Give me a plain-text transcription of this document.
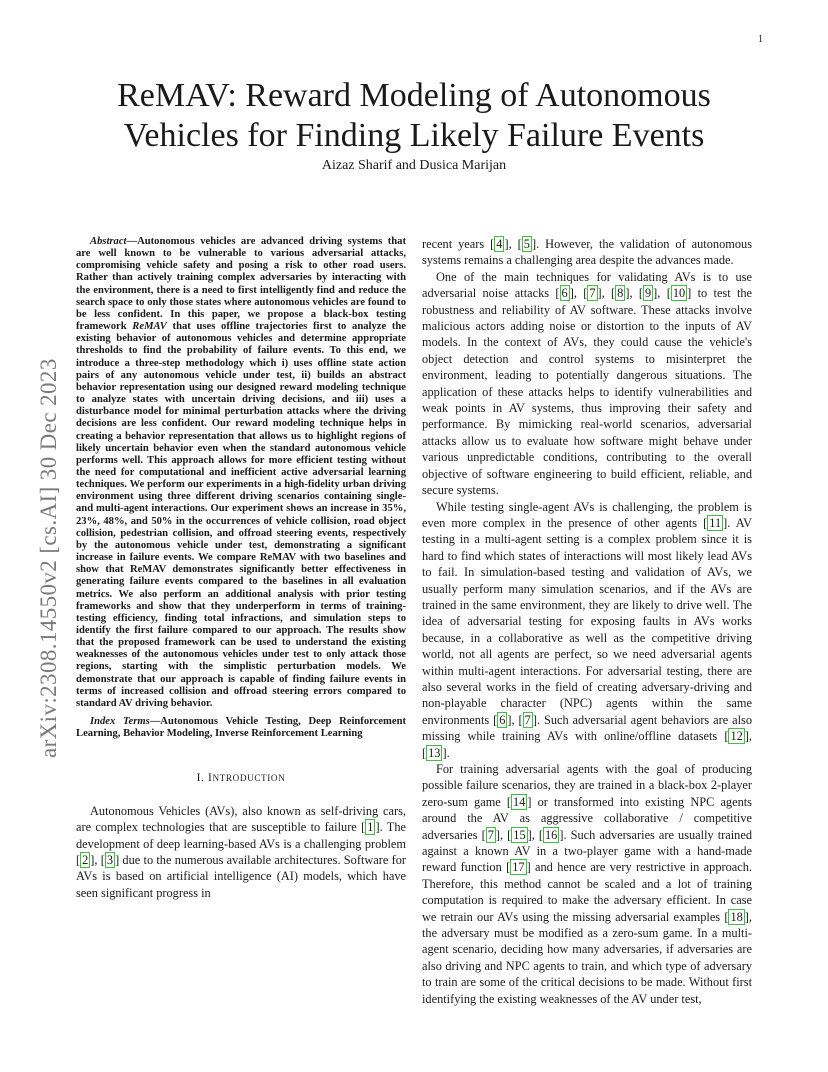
1
arXiv:2308.14550v2 [cs.AI] 30 Dec 2023
ReMAV: Reward Modeling of Autonomous Vehicles for Finding Likely Failure Events
Aizaz Sharif and Dusica Marijan

Abstract—Autonomous vehicles are advanced driving systems that are well known to be vulnerable to various adversarial attacks, compromising vehicle safety and posing a risk to other road users. Rather than actively training complex adversaries by interacting with the environment, there is a need to first intelligently find and reduce the search space to only those states where autonomous vehicles are found to be less confident. In this paper, we propose a black-box testing framework ReMAV that uses offline trajectories first to analyze the existing behavior of autonomous vehicles and determine appropriate thresholds to find the probability of failure events. To this end, we introduce a three-step methodology which i) uses offline state action pairs of any autonomous vehicle under test, ii) builds an abstract behavior representation using our designed reward modeling technique to analyze states with uncertain driving decisions, and iii) uses a disturbance model for minimal perturbation attacks where the driving decisions are less confident. Our reward modeling technique helps in creating a behavior representation that allows us to highlight regions of likely uncertain behavior even when the standard autonomous vehicle performs well. This approach allows for more efficient testing without the need for computational and inefficient active adversarial learning techniques. We perform our experiments in a high-fidelity urban driving environment using three different driving scenarios containing single- and multi-agent interactions. Our experiment shows an increase in 35%, 23%, 48%, and 50% in the occurrences of vehicle collision, road object collision, pedestrian collision, and offroad steering events, respectively by the autonomous vehicle under test, demonstrating a significant increase in failure events. We compare ReMAV with two baselines and show that ReMAV demonstrates significantly better effectiveness in generating failure events compared to the baselines in all evaluation metrics. We also perform an additional analysis with prior testing frameworks and show that they underperform in terms of training-testing efficiency, finding total infractions, and simulation steps to identify the first failure compared to our approach. The results show that the proposed framework can be used to understand the existing weaknesses of the autonomous vehicles under test to only attack those regions, starting with the simplistic perturbation models. We demonstrate that our approach is capable of finding failure events in terms of increased collision and offroad steering errors compared to standard AV driving behavior.

Index Terms—Autonomous Vehicle Testing, Deep Reinforcement Learning, Behavior Modeling, Inverse Reinforcement Learning

I. INTRODUCTION

Autonomous Vehicles (AVs), also known as self-driving cars, are complex technologies that are susceptible to failure [ 1 ]. The development of deep learning-based AVs is a challenging problem [ 2 ], [ 3 ] due to the numerous available architectures. Software for AVs is based on artificial intelligence (AI) models, which have seen significant progress in

recent years [ 4 ], [ 5 ]. However, the validation of autonomous systems remains a challenging area despite the advances made.

One of the main techniques for validating AVs is to use adversarial noise attacks [ 6 ], [ 7 ], [ 8 ], [ 9 ], [ 10 ] to test the robustness and reliability of AV software. These attacks involve malicious actors adding noise or distortion to the inputs of AV models. In the context of AVs, they could cause the vehicle's object detection and control systems to misinterpret the environment, leading to potentially dangerous situations. The application of these attacks helps to identify vulnerabilities and weak points in AV systems, thus improving their safety and performance. By mimicking real-world scenarios, adversarial attacks allow us to evaluate how software might behave under various unpredictable conditions, contributing to the overall objective of software engineering to build efficient, reliable, and secure systems.

While testing single-agent AVs is challenging, the problem is even more complex in the presence of other agents [ 11 ]. AV testing in a multi-agent setting is a complex problem since it is hard to find which states of interactions will most likely lead AVs to fail. In simulation-based testing and validation of AVs, we usually perform many simulation scenarios, and if the AVs are trained in the same environment, they are likely to drive well. The idea of adversarial testing for exposing faults in AVs works because, in a collaborative as well as the competitive driving world, not all agents are perfect, so we need adversarial agents within multi-agent interactions. For adversarial testing, there are also several works in the field of creating adversary-driving and non-playable character (NPC) agents within the same environments [ 6 ], [ 7 ]. Such adversarial agent behaviors are also missing while training AVs with online/offline datasets [ 12 ], [ 13 ].

For training adversarial agents with the goal of producing possible failure scenarios, they are trained in a black-box 2-player zero-sum game [ 14 ] or transformed into existing NPC agents around the AV as aggressive collaborative / competitive adversaries [ 7 ], [ 15 ], [ 16 ]. Such adversaries are usually trained against a known AV in a two-player game with a hand-made reward function [ 17 ] and hence are very restrictive in approach. Therefore, this method cannot be scaled and a lot of training computation is required to make the adversary efficient. In case we retrain our AVs using the missing adversarial examples [ 18 ], the adversary must be modified as a zero-sum game. In a multi-agent scenario, deciding how many adversaries, if adversaries are also driving and NPC agents to train, and which type of adversary to train are some of the critical decisions to be made. Without first identifying the existing weaknesses of the AV under test,
